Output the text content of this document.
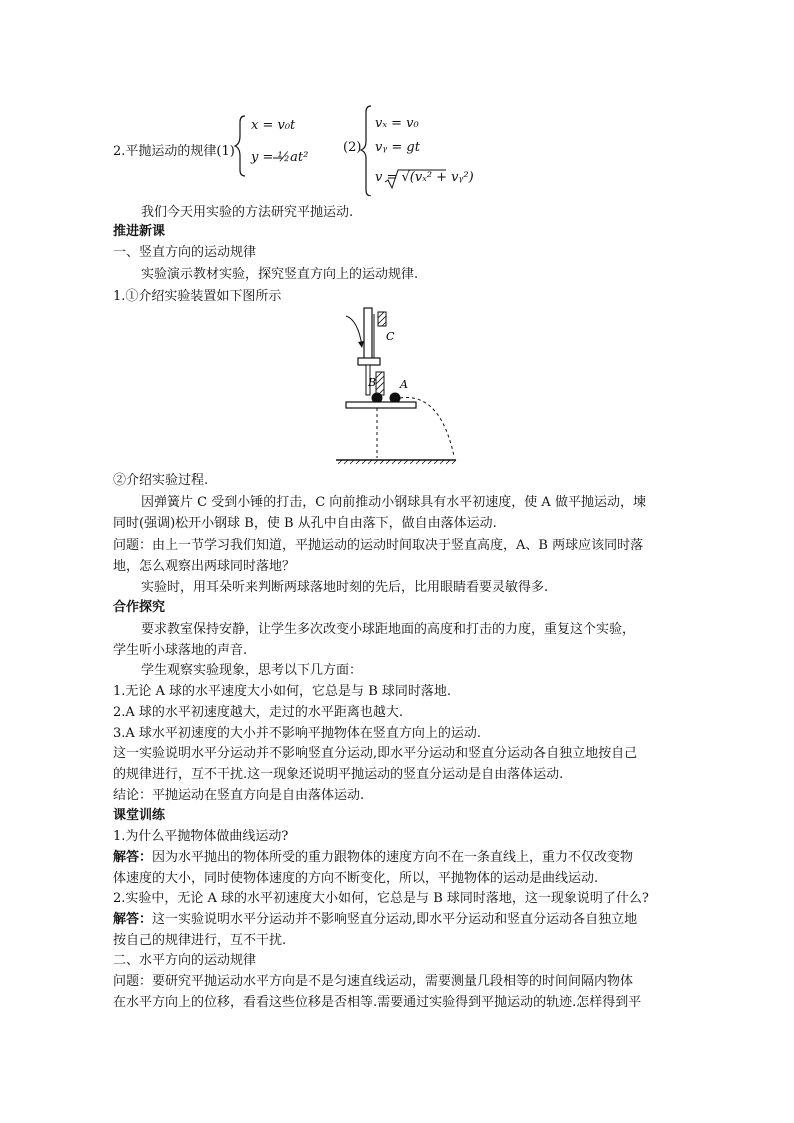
2.平抛运动的规律(1)
x = v₀t
y = ½at²
(2)
vₓ = v₀
vᵧ = gt
v = √(vₓ² + vᵧ²)
我们今天用实验的方法研究平抛运动.
推进新课
一、竖直方向的运动规律
实验演示教材实验，探究竖直方向上的运动规律.
1.①介绍实验装置如下图所示
C
B A
②介绍实验过程.
因弹簧片 C 受到小锤的打击，C 向前推动小钢球具有水平初速度，使 A 做平抛运动，堜
同时(强调)松开小钢球 B，使 B 从孔中自由落下，做自由落体运动.
问题：由上一节学习我们知道，平抛运动的运动时间取决于竖直高度，A、B 两球应该同时落
地，怎么观察出两球同时落地？
实验时，用耳朵听来判断两球落地时刻的先后，比用眼睛看要灵敏得多.
合作探究
要求教室保持安静，让学生多次改变小球距地面的高度和打击的力度，重复这个实验，
学生听小球落地的声音.
学生观察实验现象，思考以下几方面：
1.无论 A 球的水平速度大小如何，它总是与 B 球同时落地.
2.A 球的水平初速度越大，走过的水平距离也越大.
3.A 球水平初速度的大小并不影响平抛物体在竖直方向上的运动.
这一实验说明水平分运动并不影响竖直分运动,即水平分运动和竖直分运动各自独立地按自己
的规律进行，互不干扰.这一现象还说明平抛运动的竖直分运动是自由落体运动.
结论：平抛运动在竖直方向是自由落体运动.
课堂训练
1.为什么平抛物体做曲线运动?
解答：因为水平抛出的物体所受的重力跟物体的速度方向不在一条直线上，重力不仅改变物
体速度的大小，同时使物体速度的方向不断变化，所以，平抛物体的运动是曲线运动.
2.实验中，无论 A 球的水平初速度大小如何，它总是与 B 球同时落地，这一现象说明了什么?
解答：这一实验说明水平分运动并不影响竖直分运动,即水平分运动和竖直分运动各自独立地
按自己的规律进行，互不干扰.
二、水平方向的运动规律
问题：要研究平抛运动水平方向是不是匀速直线运动，需要测量几段相等的时间间隔内物体
在水平方向上的位移，看看这些位移是否相等.需要通过实验得到平抛运动的轨迹.怎样得到平
